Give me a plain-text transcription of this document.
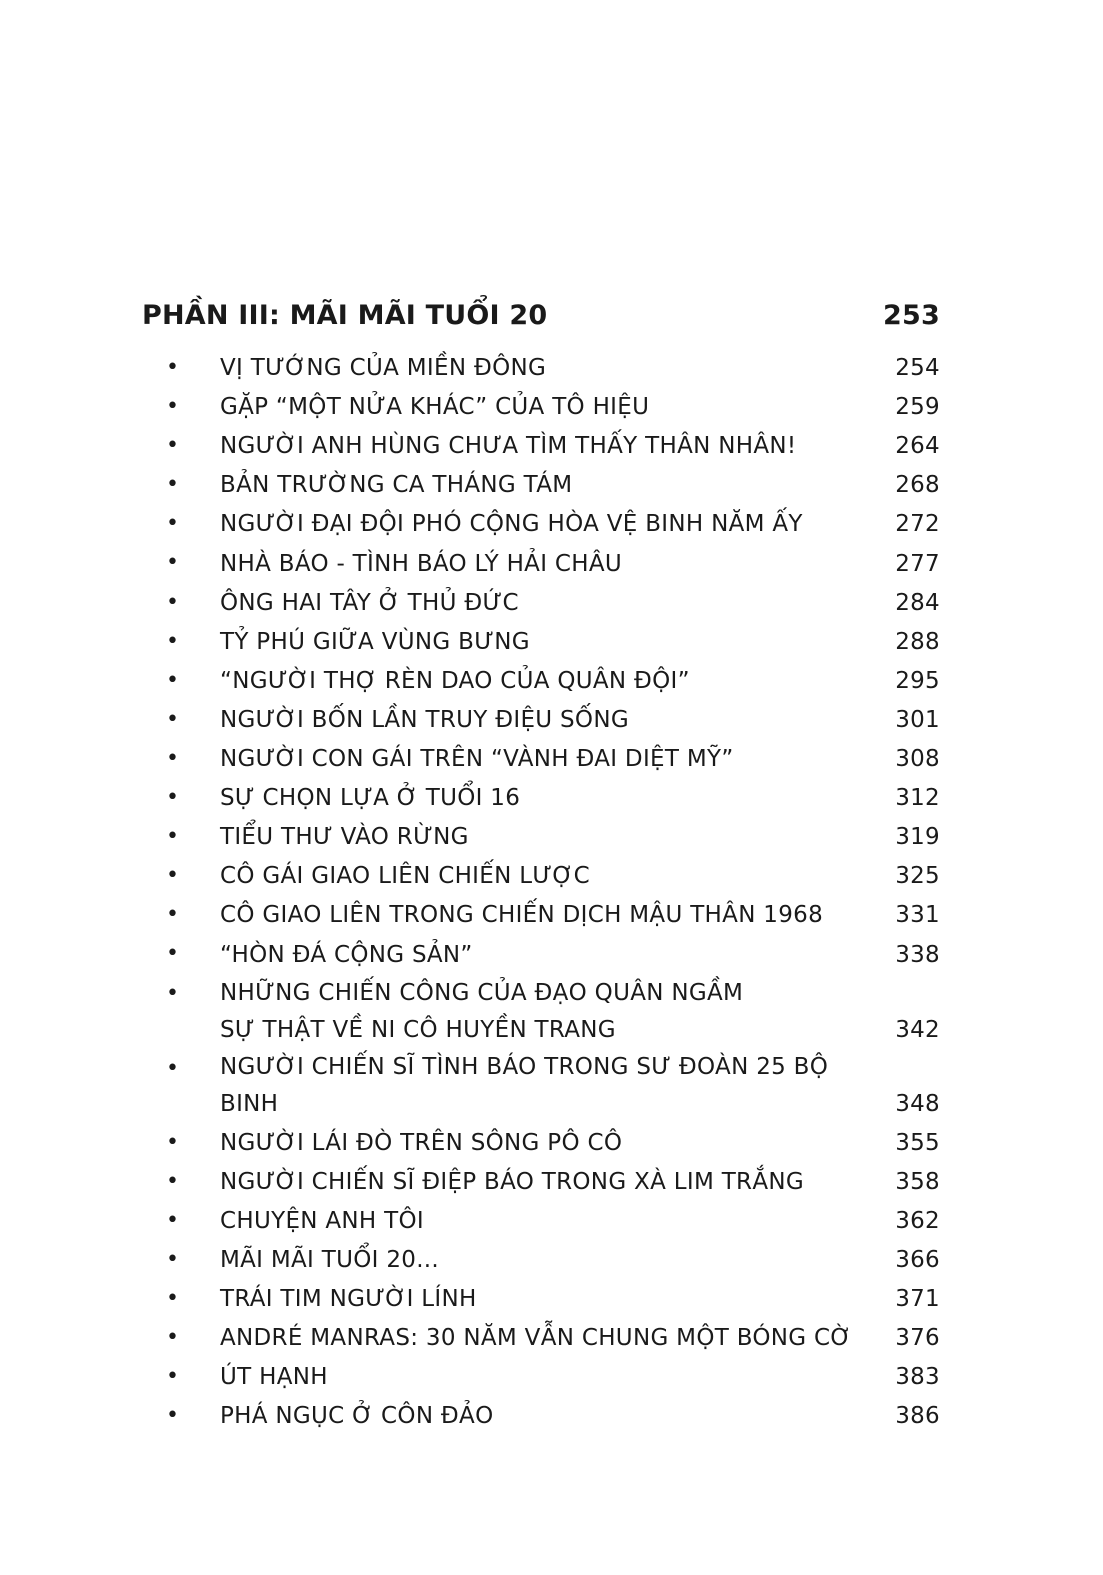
PHẦN III: MÃI MÃI TUỔI 20	253
•	VỊ TƯỚNG CỦA MIỀN ĐÔNG	254
•	GẶP “MỘT NỬA KHÁC” CỦA TÔ HIỆU	259
•	NGƯỜI ANH HÙNG CHƯA TÌM THẤY THÂN NHÂN!	264
•	BẢN TRƯỜNG CA THÁNG TÁM	268
•	NGƯỜI ĐẠI ĐỘI PHÓ CỘNG HÒA VỆ BINH NĂM ẤY	272
•	NHÀ BÁO - TÌNH BÁO LÝ HẢI CHÂU	277
•	ÔNG HAI TÂY Ở THỦ ĐỨC	284
•	TỶ PHÚ GIỮA VÙNG BƯNG	288
•	“NGƯỜI THỢ RÈN DAO CỦA QUÂN ĐỘI”	295
•	NGƯỜI BỐN LẦN TRUY ĐIỆU SỐNG	301
•	NGƯỜI CON GÁI TRÊN “VÀNH ĐAI DIỆT MỸ”	308
•	SỰ CHỌN LỰA Ở TUỔI 16	312
•	TIỂU THƯ VÀO RỪNG	319
•	CÔ GÁI GIAO LIÊN CHIẾN LƯỢC	325
•	CÔ GIAO LIÊN TRONG CHIẾN DỊCH MẬU THÂN 1968	331
•	“HÒN ĐÁ CỘNG SẢN”	338
•	NHỮNG CHIẾN CÔNG CỦA ĐẠO QUÂN NGẦM
SỰ THẬT VỀ NI CÔ HUYỀN TRANG	342
•	NGƯỜI CHIẾN SĨ TÌNH BÁO TRONG SƯ ĐOÀN 25 BỘ BINH	348
•	NGƯỜI LÁI ĐÒ TRÊN SÔNG PÔ CÔ	355
•	NGƯỜI CHIẾN SĨ ĐIỆP BÁO TRONG XÀ LIM TRẮNG	358
•	CHUYỆN ANH TÔI	362
•	MÃI MÃI TUỔI 20...	366
•	TRÁI TIM NGƯỜI LÍNH	371
•	ANDRÉ MANRAS: 30 NĂM VẪN CHUNG MỘT BÓNG CỜ	376
•	ÚT HẠNH	383
•	PHÁ NGỤC Ở CÔN ĐẢO	386
